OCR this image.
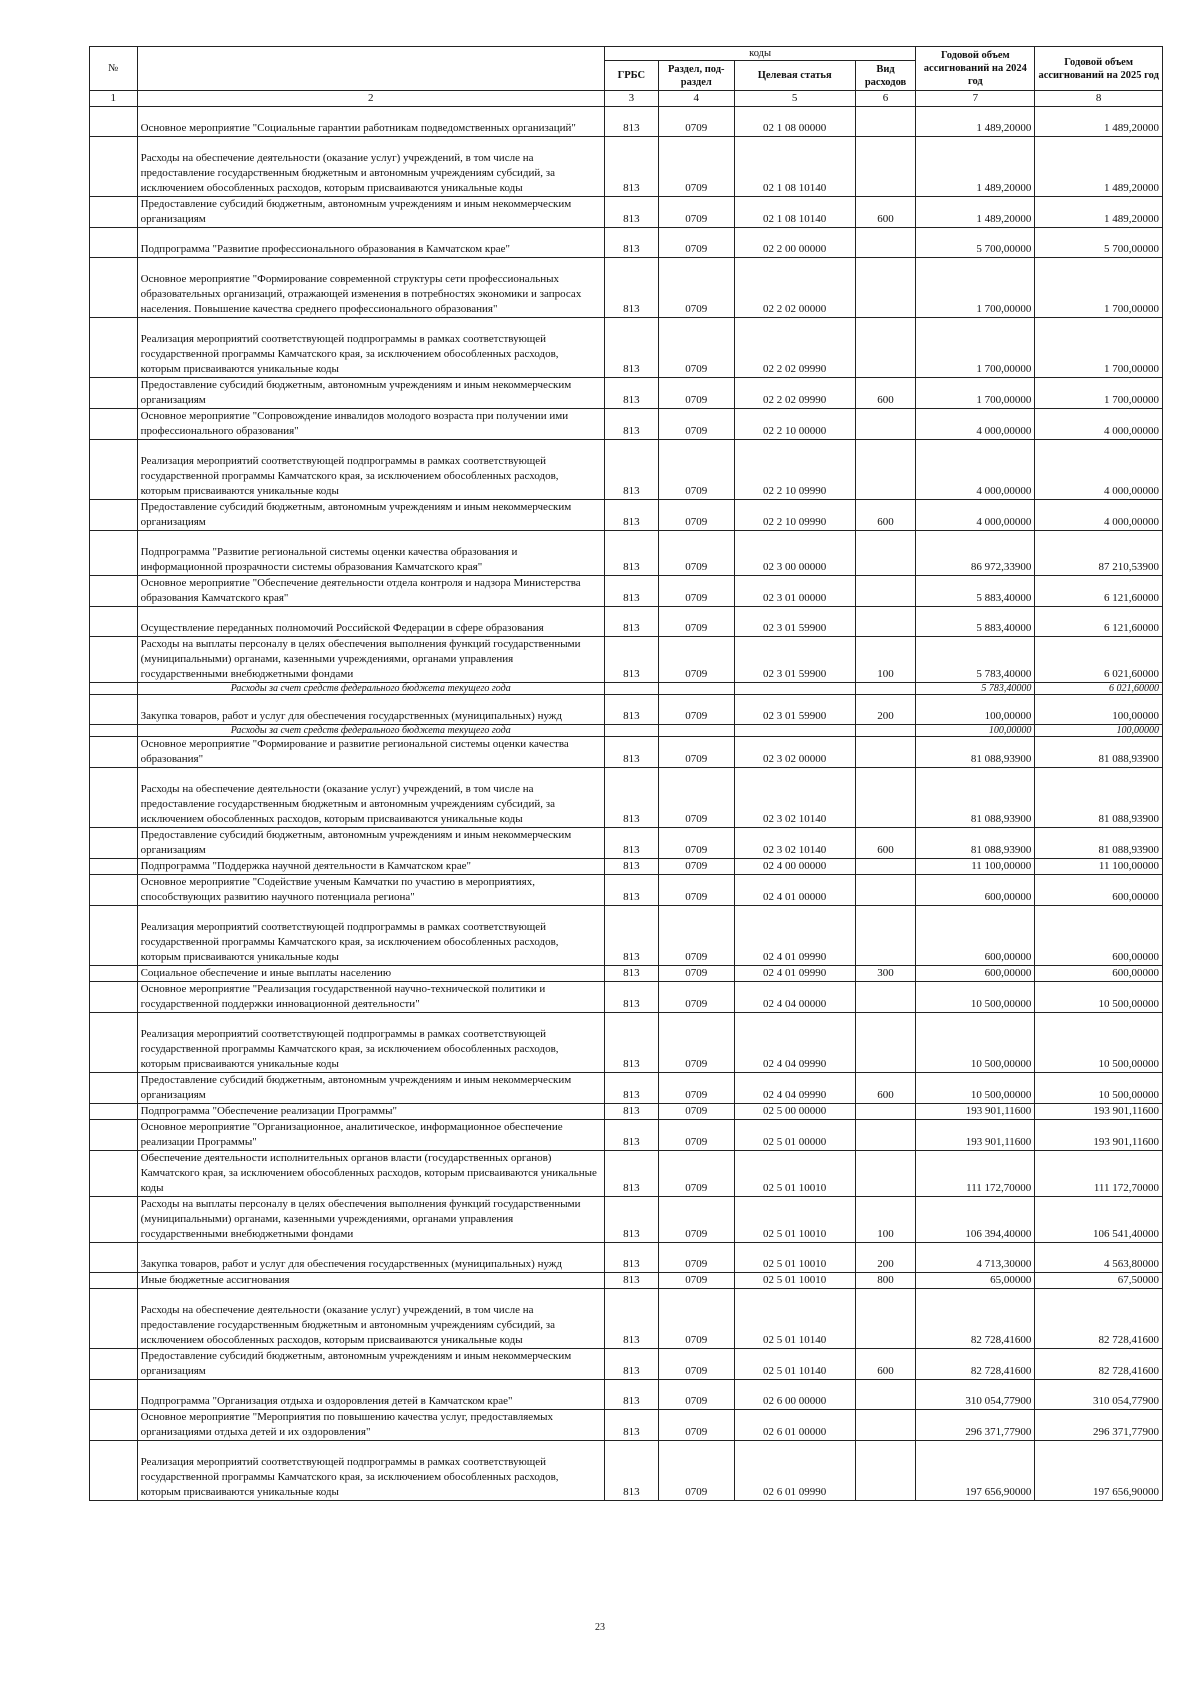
№		коды				Годовой объем ассигнований на 2024 год	Годовой объем ассигнований на 2025 год
		ГРБС	Раздел, под-раздел	Целевая статья	Вид расходов		
1	2	3	4	5	6	7	8
	Основное мероприятие "Социальные гарантии работникам подведомственных организаций"	813	0709	02 1 08 00000		1 489,20000	1 489,20000
	Расходы на обеспечение деятельности (оказание услуг) учреждений, в том числе на предоставление государственным бюджетным и автономным учреждениям субсидий, за исключением обособленных расходов, которым присваиваются уникальные коды	813	0709	02 1 08 10140		1 489,20000	1 489,20000
	Предоставление субсидий бюджетным, автономным учреждениям и иным некоммерческим организациям	813	0709	02 1 08 10140	600	1 489,20000	1 489,20000
	Подпрограмма "Развитие профессионального образования в Камчатском крае"	813	0709	02 2 00 00000		5 700,00000	5 700,00000
	Основное мероприятие "Формирование современной структуры сети профессиональных образовательных организаций, отражающей изменения в потребностях экономики и запросах населения. Повышение качества среднего профессионального образования"	813	0709	02 2 02 00000		1 700,00000	1 700,00000
	Реализация мероприятий соответствующей подпрограммы в рамках соответствующей государственной программы Камчатского края, за исключением обособленных расходов, которым присваиваются уникальные коды	813	0709	02 2 02 09990		1 700,00000	1 700,00000
	Предоставление субсидий бюджетным, автономным учреждениям и иным некоммерческим организациям	813	0709	02 2 02 09990	600	1 700,00000	1 700,00000
	Основное мероприятие "Сопровождение инвалидов молодого возраста при получении ими профессионального образования"	813	0709	02 2 10 00000		4 000,00000	4 000,00000
	Реализация мероприятий соответствующей подпрограммы в рамках соответствующей государственной программы Камчатского края, за исключением обособленных расходов, которым присваиваются уникальные коды	813	0709	02 2 10 09990		4 000,00000	4 000,00000
	Предоставление субсидий бюджетным, автономным учреждениям и иным некоммерческим организациям	813	0709	02 2 10 09990	600	4 000,00000	4 000,00000
	Подпрограмма "Развитие региональной системы оценки качества образования и информационной прозрачности системы образования Камчатского края"	813	0709	02 3 00 00000		86 972,33900	87 210,53900
	Основное мероприятие "Обеспечение деятельности отдела контроля и надзора Министерства образования Камчатского края"	813	0709	02 3 01 00000		5 883,40000	6 121,60000
	Осуществление переданных полномочий Российской Федерации в сфере образования	813	0709	02 3 01 59900		5 883,40000	6 121,60000
	Расходы на выплаты персоналу в целях обеспечения выполнения функций государственными (муниципальными) органами, казенными учреждениями, органами управления государственными внебюджетными фондами	813	0709	02 3 01 59900	100	5 783,40000	6 021,60000
	Расходы за счет средств федерального бюджета текущего года					5 783,40000	6 021,60000
	Закупка товаров, работ и услуг для обеспечения государственных (муниципальных) нужд	813	0709	02 3 01 59900	200	100,00000	100,00000
	Расходы за счет средств федерального бюджета текущего года					100,00000	100,00000
	Основное мероприятие "Формирование и развитие региональной системы оценки качества образования"	813	0709	02 3 02 00000		81 088,93900	81 088,93900
	Расходы на обеспечение деятельности (оказание услуг) учреждений, в том числе на предоставление государственным бюджетным и автономным учреждениям субсидий, за исключением обособленных расходов, которым присваиваются уникальные коды	813	0709	02 3 02 10140		81 088,93900	81 088,93900
	Предоставление субсидий бюджетным, автономным учреждениям и иным некоммерческим организациям	813	0709	02 3 02 10140	600	81 088,93900	81 088,93900
	Подпрограмма "Поддержка научной деятельности в Камчатском крае"	813	0709	02 4 00 00000		11 100,00000	11 100,00000
	Основное мероприятие "Содействие ученым Камчатки по участию в мероприятиях, способствующих развитию научного потенциала региона"	813	0709	02 4 01 00000		600,00000	600,00000
	Реализация мероприятий соответствующей подпрограммы в рамках соответствующей государственной программы Камчатского края, за исключением обособленных расходов, которым присваиваются уникальные коды	813	0709	02 4 01 09990		600,00000	600,00000
	Социальное обеспечение и иные выплаты населению	813	0709	02 4 01 09990	300	600,00000	600,00000
	Основное мероприятие "Реализация государственной научно-технической политики и государственной поддержки инновационной деятельности"	813	0709	02 4 04 00000		10 500,00000	10 500,00000
	Реализация мероприятий соответствующей подпрограммы в рамках соответствующей государственной программы Камчатского края, за исключением обособленных расходов, которым присваиваются уникальные коды	813	0709	02 4 04 09990		10 500,00000	10 500,00000
	Предоставление субсидий бюджетным, автономным учреждениям и иным некоммерческим организациям	813	0709	02 4 04 09990	600	10 500,00000	10 500,00000
	Подпрограмма "Обеспечение реализации Программы"	813	0709	02 5 00 00000		193 901,11600	193 901,11600
	Основное мероприятие "Организационное, аналитическое, информационное обеспечение реализации Программы"	813	0709	02 5 01 00000		193 901,11600	193 901,11600
	Обеспечение деятельности исполнительных органов власти (государственных органов) Камчатского края, за исключением обособленных расходов, которым присваиваются уникальные коды	813	0709	02 5 01 10010		111 172,70000	111 172,70000
	Расходы на выплаты персоналу в целях обеспечения выполнения функций государственными (муниципальными) органами, казенными учреждениями, органами управления государственными внебюджетными фондами	813	0709	02 5 01 10010	100	106 394,40000	106 541,40000
	Закупка товаров, работ и услуг для обеспечения государственных (муниципальных) нужд	813	0709	02 5 01 10010	200	4 713,30000	4 563,80000
	Иные бюджетные ассигнования	813	0709	02 5 01 10010	800	65,00000	67,50000
	Расходы на обеспечение деятельности (оказание услуг) учреждений, в том числе на предоставление государственным бюджетным и автономным учреждениям субсидий, за исключением обособленных расходов, которым присваиваются уникальные коды	813	0709	02 5 01 10140		82 728,41600	82 728,41600
	Предоставление субсидий бюджетным, автономным учреждениям и иным некоммерческим организациям	813	0709	02 5 01 10140	600	82 728,41600	82 728,41600
	Подпрограмма "Организация отдыха и оздоровления детей в Камчатском крае"	813	0709	02 6 00 00000		310 054,77900	310 054,77900
	Основное мероприятие "Мероприятия по повышению качества услуг, предоставляемых организациями отдыха детей и их оздоровления"	813	0709	02 6 01 00000		296 371,77900	296 371,77900
	Реализация мероприятий соответствующей подпрограммы в рамках соответствующей государственной программы Камчатского края, за исключением обособленных расходов, которым присваиваются уникальные коды	813	0709	02 6 01 09990		197 656,90000	197 656,90000
23
